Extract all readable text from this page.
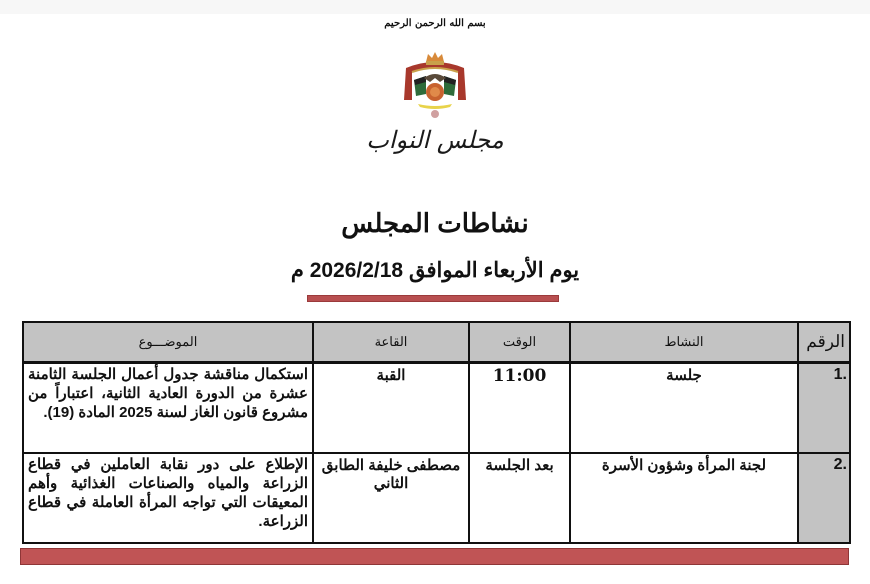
بسم الله الرحمن الرحيم
مجلس النواب
نشاطات المجلس
يوم الأربعاء الموافق 2026/2/18 م
الرقم	النشاط	الوقت	القاعة	الموضـــوع
1.	جلسة	11:00	القبة	استكمال مناقشة جدول أعمال الجلسة الثامنة عشرة من الدورة العادية الثانية، اعتباراً من مشروع قانون الغاز لسنة 2025 المادة (19).
2.	لجنة المرأة وشؤون الأسرة	بعد الجلسة	مصطفى خليفة الطابق الثاني	الإطلاع على دور نقابة العاملين في قطاع الزراعة والمياه والصناعات الغذائية وأهم المعيقات التي تواجه المرأة العاملة في قطاع الزراعة.
